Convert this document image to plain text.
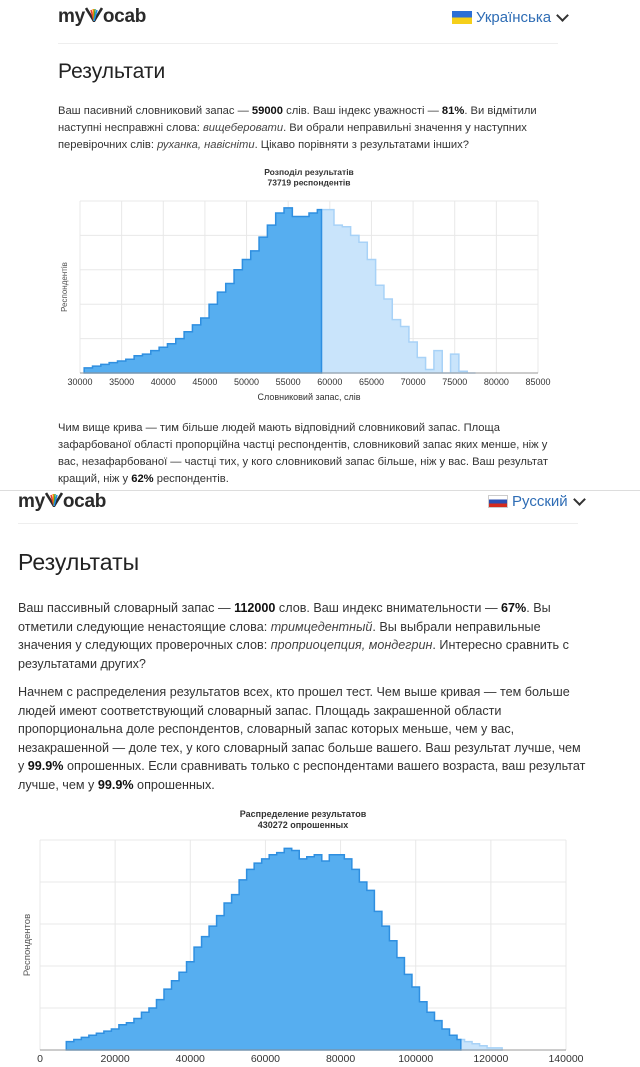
my ocab	Українська
Результати

Ваш пасивний словниковий запас — 59000 слів. Ваш індекс уважності — 81%. Ви відмітили наступні несправжні слова: вищеберовати. Ви обрали неправильні значення у наступних перевірочних слів: руханка, навісніти. Цікаво порівняти з результатами інших?

Розподіл результатів
73719 респондентів
30000 35000 40000 45000 50000 55000 60000 65000 70000 75000 80000 85000
Респондентів
Словниковий запас, слів

Чим вище крива — тим більше людей мають відповідний словниковий запас. Площа зафарбованої області пропорційна частці респондентів, словниковий запас яких менше, ніж у вас, незафарбованої — частці тих, у кого словниковий запас більше, ніж у вас. Ваш результат кращий, ніж у 62% респондентів.

my ocab	Русский
Результаты

Ваш пассивный словарный запас — 112000 слов. Ваш индекс внимательности — 67%. Вы отметили следующие ненастоящие слова: тримцедентный. Вы выбрали неправильные значения у следующих проверочных слов: проприоцепция, мондегрин. Интересно сравнить с результатами других?

Начнем с распределения результатов всех, кто прошел тест. Чем выше кривая — тем больше людей имеют соответствующий словарный запас. Площадь закрашенной области пропорциональна доле респондентов, словарный запас которых меньше, чем у вас, незакрашенной — доле тех, у кого словарный запас больше вашего. Ваш результат лучше, чем у 99.9% опрошенных. Если сравнивать только с респондентами вашего возраста, ваш результат лучше, чем у 99.9% опрошенных.

Распределение результатов
430272 опрошенных
0	20000	40000	60000	80000	100000	120000	140000
Респондентов
